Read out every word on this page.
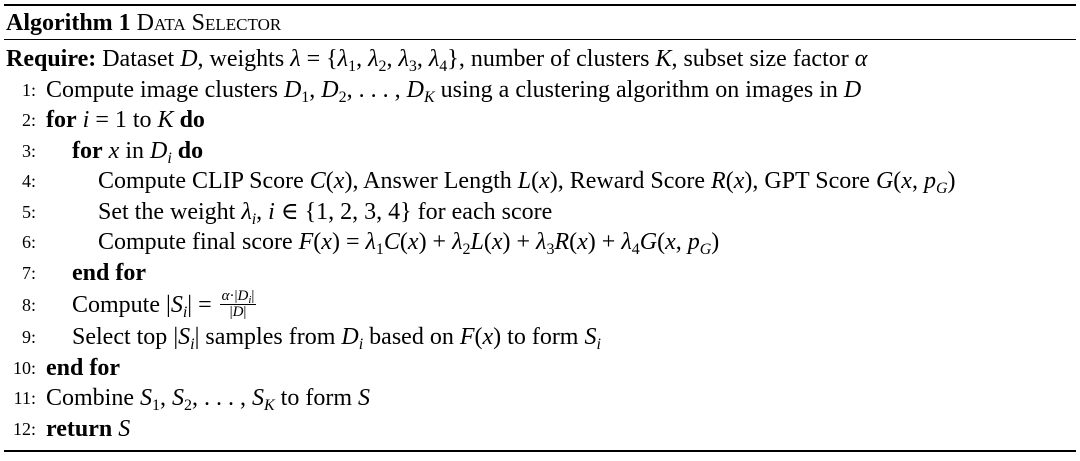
Algorithm 1 Data Selector
Require: Dataset D, weights $\lambda = \{\lambda_1$, $\lambda_2$, $\lambda_3$, $\lambda_4$}, number of clusters K, subset size factor α
1: Compute image clusters $D_1$, $D_2$, . . . , $D_K$ using a clustering algorithm on images in D
2: for i = 1 to K do
3: for x in $D_i$ do
4:	Compute CLIP Score C(x), Answer Length L(x), Reward Score R(x), GPT Score G(x, $p_G$)
5:	Set the weight $\lambda_i$, i ∈ {1, 2, 3, 4} for each score
6:	Compute final score $F(x) = \lambda_1C(x) + \lambda_2L(x) + \lambda_3R(x) + \lambda_4G(x$, $p_G$)
7: end for
8: Compute $|S_i| = \frac{\alpha\cdot|D_i|}{|D|}$
9: Select top $|S_i|$ samples from $D_i$ based on F(x) to form $S_i$
10: end for
11: Combine $S_1$, $S_2$, . . . , $S_K$ to form S
12: return S
